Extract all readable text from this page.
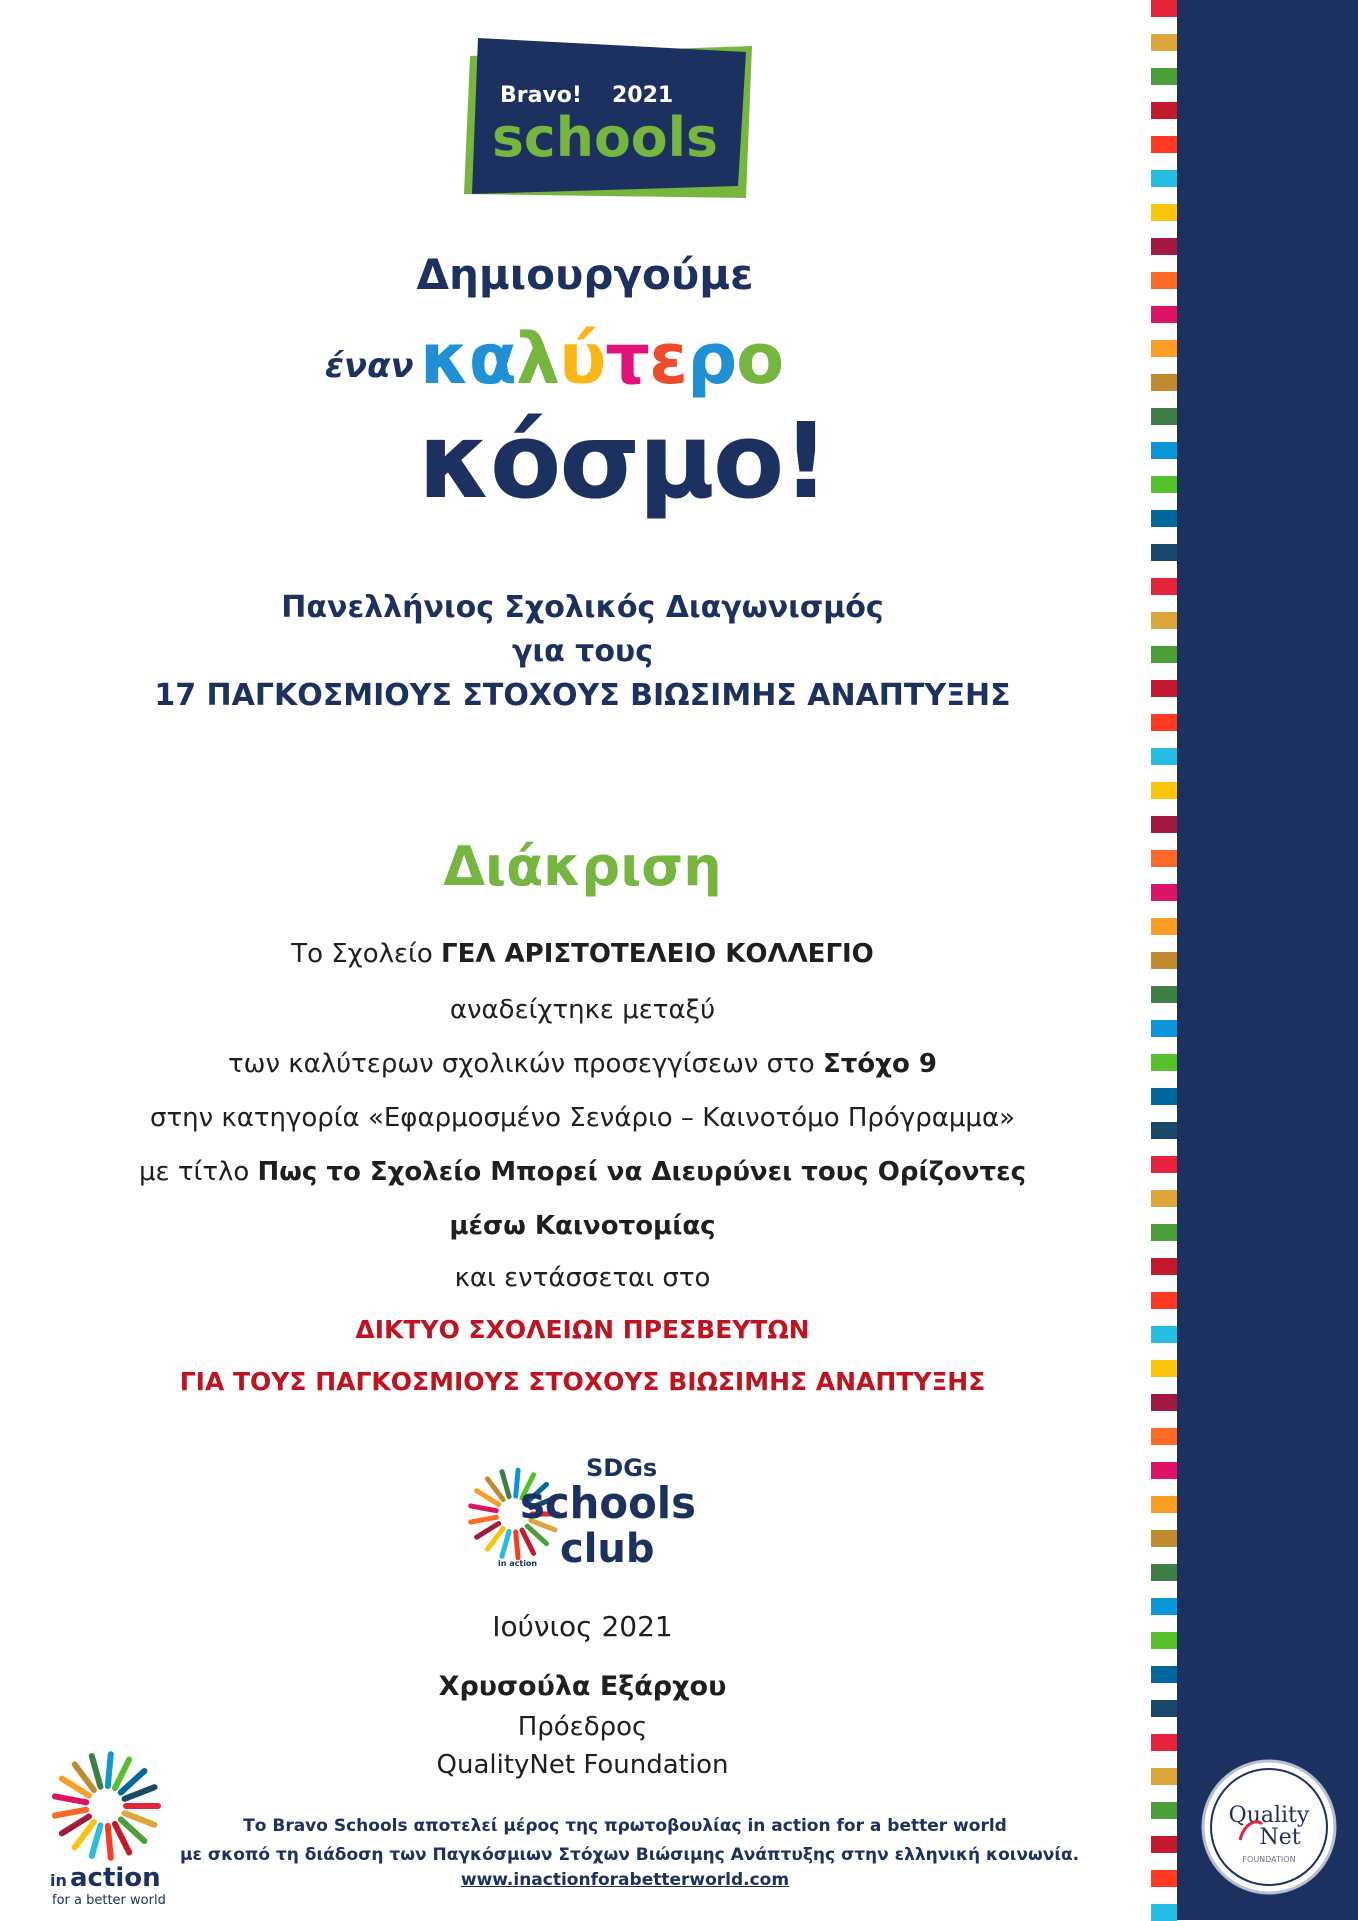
Bravo! 2021
schools
Δημιουργούμε
έναν καλύτερο
κόσμο!
Πανελλήνιος Σχολικός Διαγωνισμός
για τους
17 ΠΑΓΚΟΣΜΙΟΥΣ ΣΤΟΧΟΥΣ ΒΙΩΣΙΜΗΣ ΑΝΑΠΤΥΞΗΣ
Διάκριση
Το Σχολείο ΓΕΛ ΑΡΙΣΤΟΤΕΛΕΙΟ ΚΟΛΛΕΓΙΟ
αναδείχτηκε μεταξύ
των καλύτερων σχολικών προσεγγίσεων στο Στόχο 9
στην κατηγορία «Εφαρμοσμένο Σενάριο – Καινοτόμο Πρόγραμμα»
με τίτλο Πως το Σχολείο Μπορεί να Διευρύνει τους Ορίζοντες
μέσω Καινοτομίας
και εντάσσεται στο
ΔΙΚΤΥΟ ΣΧΟΛΕΙΩΝ ΠΡΕΣΒΕΥΤΩΝ
ΓΙΑ ΤΟΥΣ ΠΑΓΚΟΣΜΙΟΥΣ ΣΤΟΧΟΥΣ ΒΙΩΣΙΜΗΣ ΑΝΑΠΤΥΞΗΣ
SDGs
schools
club
in action
Ιούνιος 2021
Χρυσούλα Εξάρχου
Πρόεδρος
QualityNet Foundation
Το Bravo Schools αποτελεί μέρος της πρωτοβουλίας in action for a better world
με σκοπό τη διάδοση των Παγκόσμιων Στόχων Βιώσιμης Ανάπτυξης στην ελληνική κοινωνία.
www.inactionforabetterworld.com
in action
for a better world
Quality
Net
FOUNDATION
